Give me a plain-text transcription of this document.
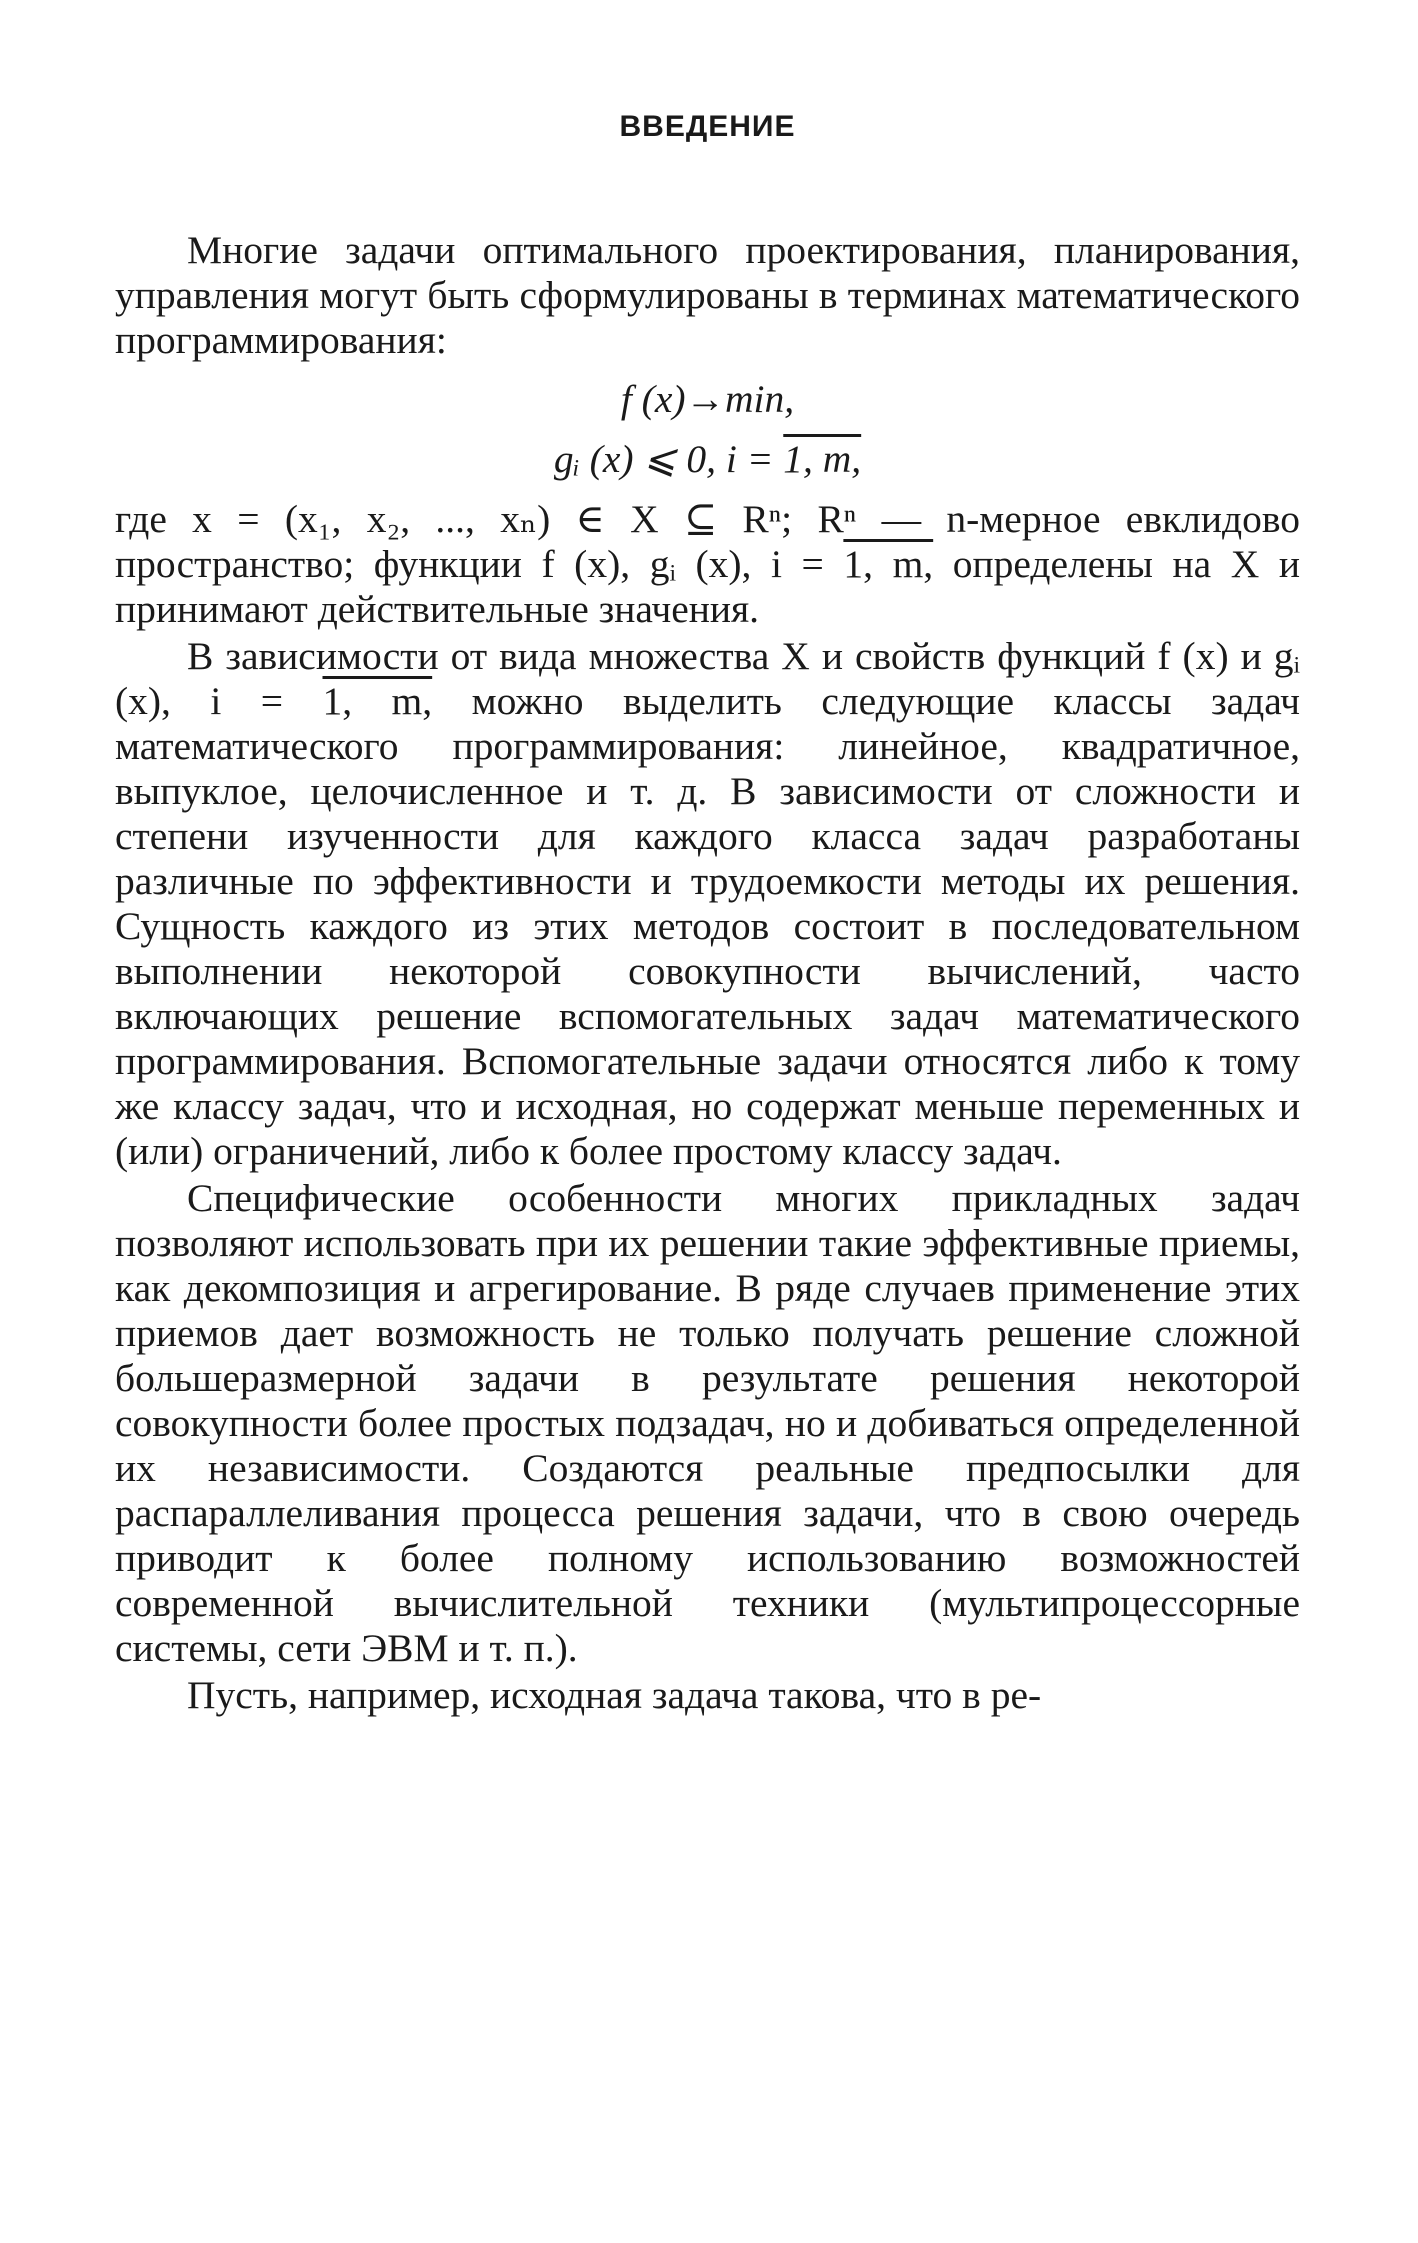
ВВЕДЕНИЕ

Многие задачи оптимального проектирования, планирования, управления могут быть сформулированы в терминах математического программирования:

f (x)→min,

gᵢ (x) ⩽ 0, i = 1, m,

где x = (x₁, x₂, ..., xₙ) ∈ X ⊆ Rⁿ; Rⁿ — n-мерное евклидово пространство; функции f (x), gᵢ (x), i = 1, m, определены на X и принимают действительные значения.

В зависимости от вида множества X и свойств функций f (x) и gᵢ (x), i = 1, m, можно выделить следующие классы задач математического программирования: линейное, квадратичное, выпуклое, целочисленное и т. д. В зависимости от сложности и степени изученности для каждого класса задач разработаны различные по эффективности и трудоемкости методы их решения. Сущность каждого из этих методов состоит в последовательном выполнении некоторой совокупности вычислений, часто включающих решение вспомогательных задач математического программирования. Вспомогательные задачи относятся либо к тому же классу задач, что и исходная, но содержат меньше переменных и (или) ограничений, либо к более простому классу задач.

Специфические особенности многих прикладных задач позволяют использовать при их решении такие эффективные приемы, как декомпозиция и агрегирование. В ряде случаев применение этих приемов дает возможность не только получать решение сложной большеразмерной задачи в результате решения некоторой совокупности более простых подзадач, но и добиваться определенной их независимости. Создаются реальные предпосылки для распараллеливания процесса решения задачи, что в свою очередь приводит к более полному использованию возможностей современной вычислительной техники (мультипроцессорные системы, сети ЭВМ и т. п.).

Пусть, например, исходная задача такова, что в ре-
